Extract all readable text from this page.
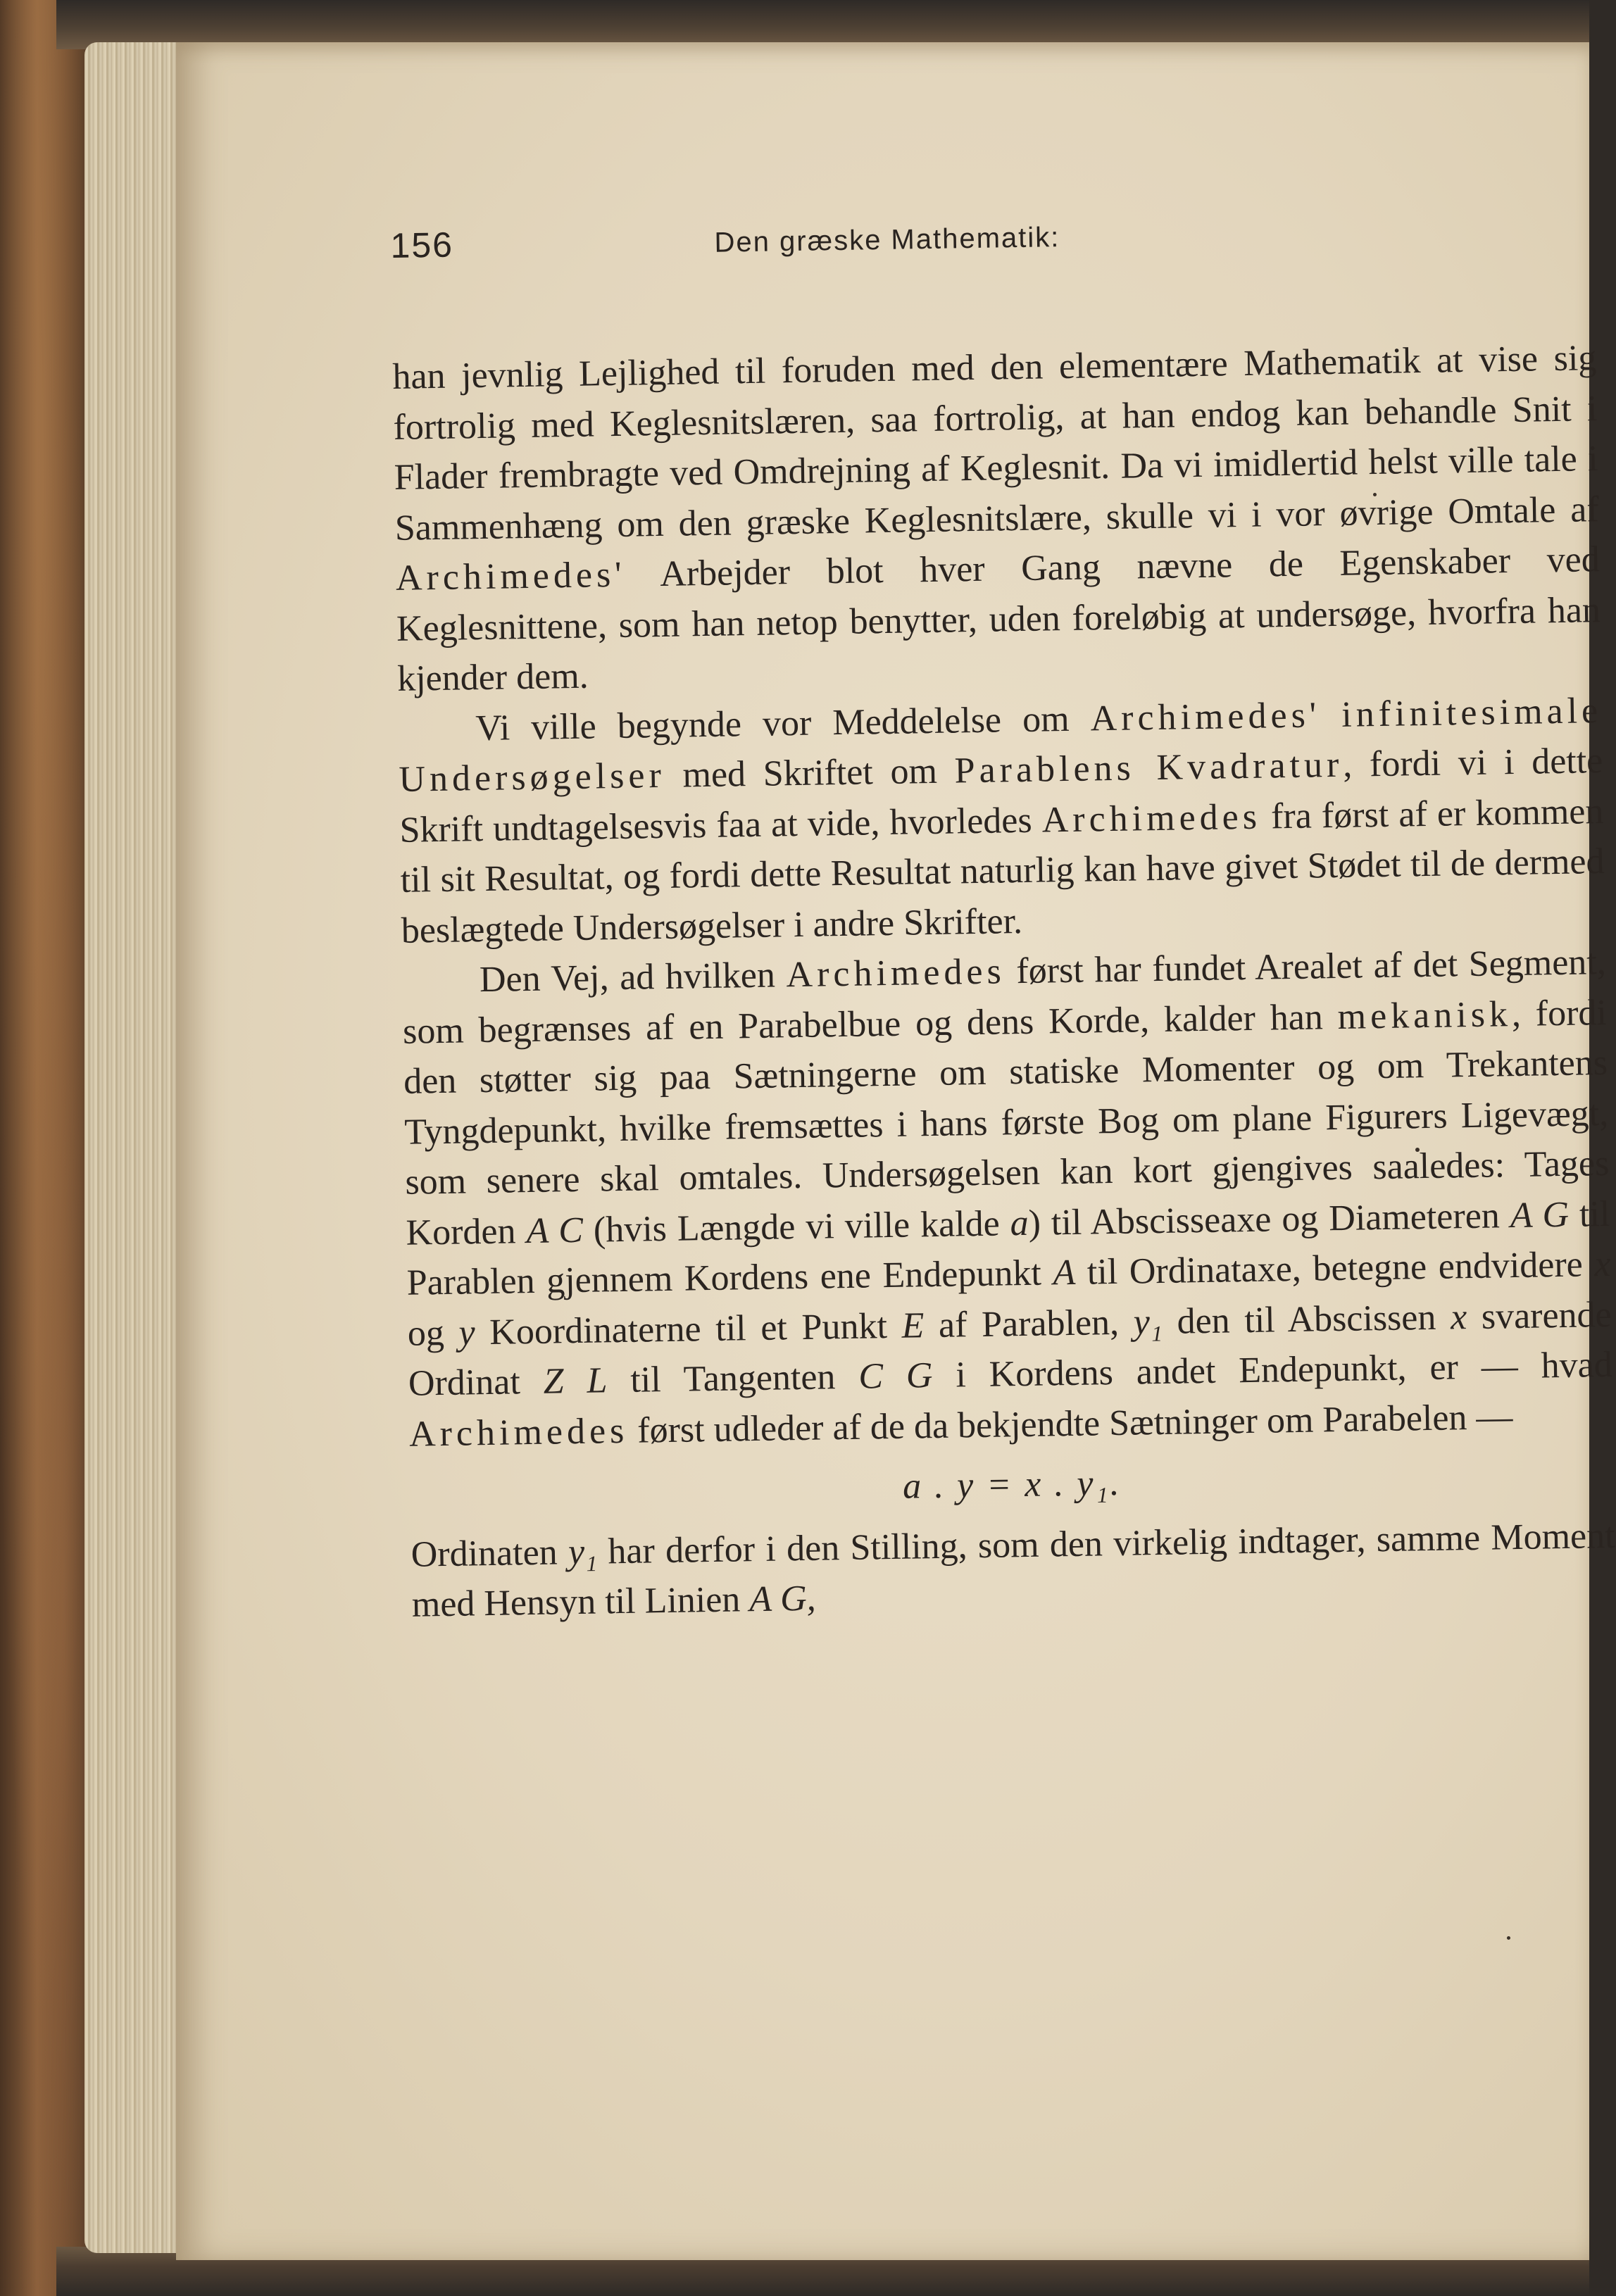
156	Den græske Mathematik:

han jevnlig Lejlighed til foruden med den elementære Mathematik at vise sig fortrolig med Keglesnitslæren, saa fortrolig, at han endog kan behandle Snit i Flader frembragte ved Omdrejning af Keglesnit. Da vi imidlertid helst ville tale i Sammenhæng om den græske Keglesnitslære, skulle vi i vor øvrige Omtale af Archimedes' Arbejder blot hver Gang nævne de Egenskaber ved Keglesnittene, som han netop benytter, uden foreløbig at undersøge, hvorfra han kjender dem.

Vi ville begynde vor Meddelelse om Archimedes' infinitesimale Undersøgelser med Skriftet om Parablens Kvadratur, fordi vi i dette Skrift undtagelsesvis faa at vide, hvorledes Archimedes fra først af er kommen til sit Resultat, og fordi dette Resultat naturlig kan have givet Stødet til de dermed beslægtede Undersøgelser i andre Skrifter.

Den Vej, ad hvilken Archimedes først har fundet Arealet af det Segment, som begrænses af en Parabelbue og dens Korde, kalder han mekanisk, fordi den støtter sig paa Sætningerne om statiske Momenter og om Trekantens Tyngdepunkt, hvilke fremsættes i hans første Bog om plane Figurers Ligevægt, som senere skal omtales. Undersøgelsen kan kort gjengives saaledes: Tages Korden A C (hvis Længde vi ville kalde a) til Abscisseaxe og Diameteren A G til Parablen gjennem Kordens ene Endepunkt A til Ordinataxe, betegne endvidere x og y Koordinaterne til et Punkt E af Parablen, y₁ den til Abscissen x svarende Ordinat Z L til Tangenten C G i Kordens andet Endepunkt, er — hvad Archimedes først udleder af de da bekjendte Sætninger om Parabelen —

a . y = x . y₁.

Ordinaten y₁ har derfor i den Stilling, som den virkelig indtager, samme Moment med Hensyn til Linien A G,
